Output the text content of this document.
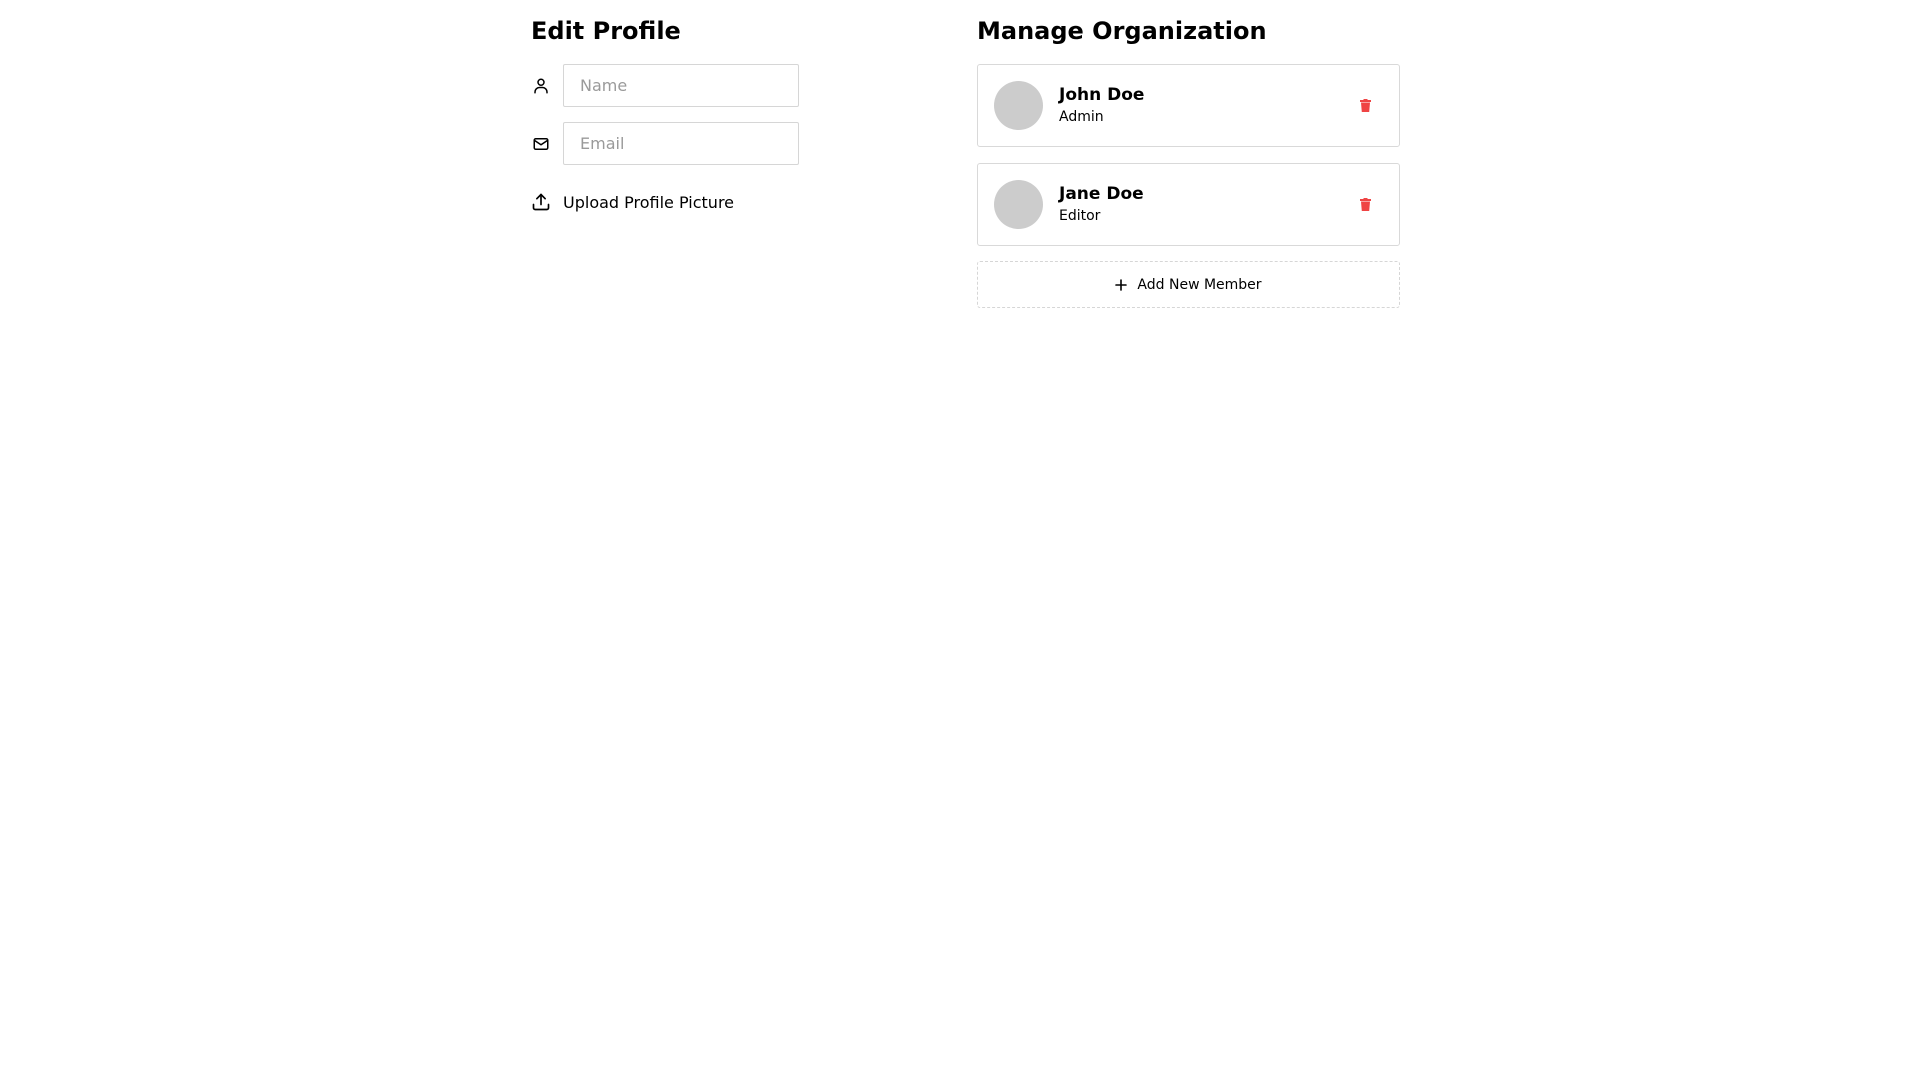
Edit Profile
Name
Email
Upload Profile Picture
Manage Organization
John Doe
Admin
Jane Doe
Editor
Add New Member
